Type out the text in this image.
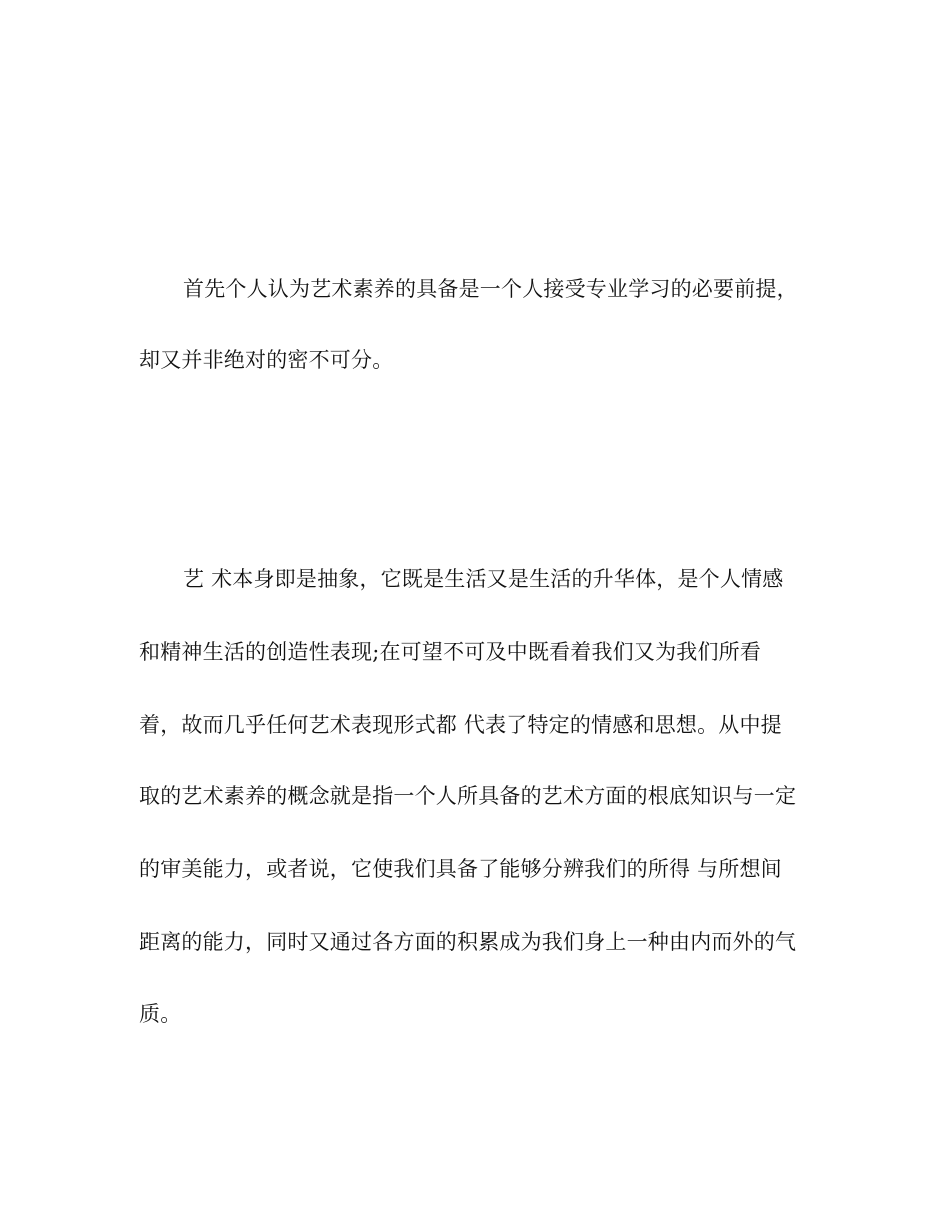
首先个人认为艺术素养的具备是一个人接受专业学习的必要前提，
却又并非绝对的密不可分。
艺 术本身即是抽象，它既是生活又是生活的升华体，是个人情感
和精神生活的创造性表现;在可望不可及中既看着我们又为我们所看
着，故而几乎任何艺术表现形式都 代表了特定的情感和思想。从中提
取的艺术素养的概念就是指一个人所具备的艺术方面的根底知识与一定
的审美能力，或者说，它使我们具备了能够分辨我们的所得 与所想间
距离的能力，同时又通过各方面的积累成为我们身上一种由内而外的气
质。
